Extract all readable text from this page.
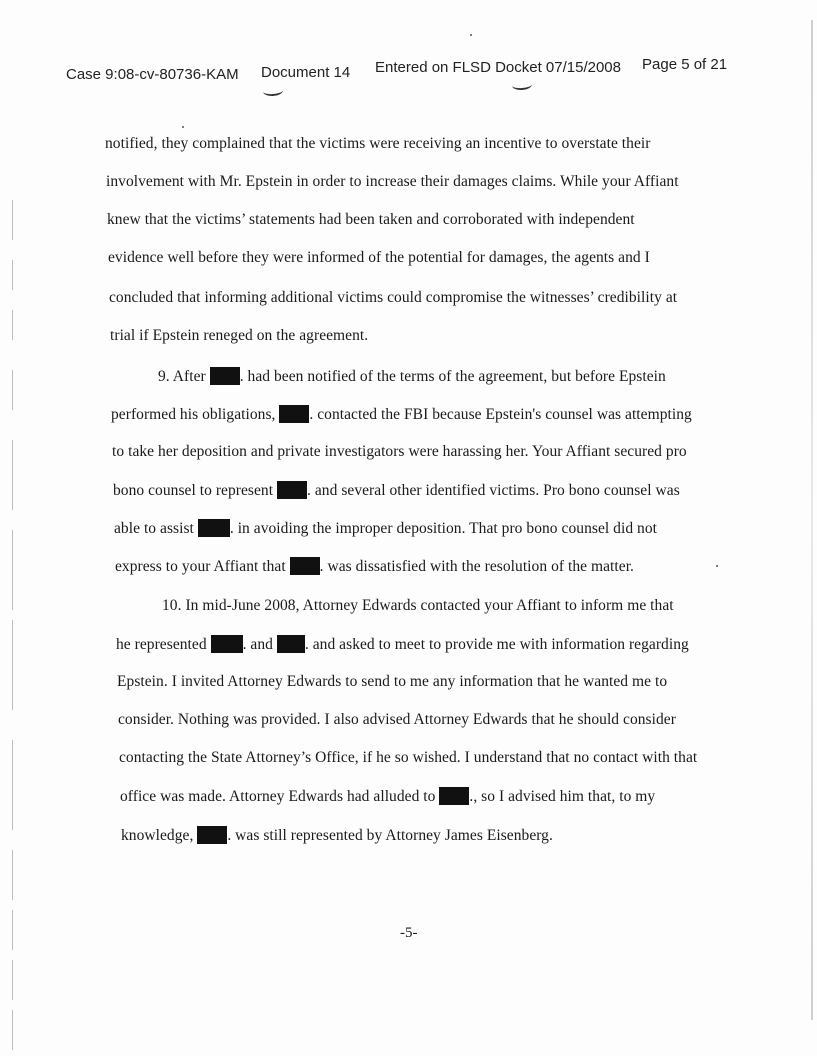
Case 9:08-cv-80736-KAM Document 14 Entered on FLSD Docket 07/15/2008 Page 5 of 21
notified, they complained that the victims were receiving an incentive to overstate their
involvement with Mr. Epstein in order to increase their damages claims. While your Affiant
knew that the victims’ statements had been taken and corroborated with independent
evidence well before they were informed of the potential for damages, the agents and I
concluded that informing additional victims could compromise the witnesses’ credibility at
trial if Epstein reneged on the agreement.
9. After . had been notified of the terms of the agreement, but before Epstein
performed his obligations, . contacted the FBI because Epstein's counsel was attempting
to take her deposition and private investigators were harassing her. Your Affiant secured pro
bono counsel to represent . and several other identified victims. Pro bono counsel was
able to assist . in avoiding the improper deposition. That pro bono counsel did not
express to your Affiant that . was dissatisfied with the resolution of the matter.
10. In mid-June 2008, Attorney Edwards contacted your Affiant to inform me that
he represented . and . and asked to meet to provide me with information regarding
Epstein. I invited Attorney Edwards to send to me any information that he wanted me to
consider. Nothing was provided. I also advised Attorney Edwards that he should consider
contacting the State Attorney’s Office, if he so wished. I understand that no contact with that
office was made. Attorney Edwards had alluded to ., so I advised him that, to my
knowledge, . was still represented by Attorney James Eisenberg.
-5-
